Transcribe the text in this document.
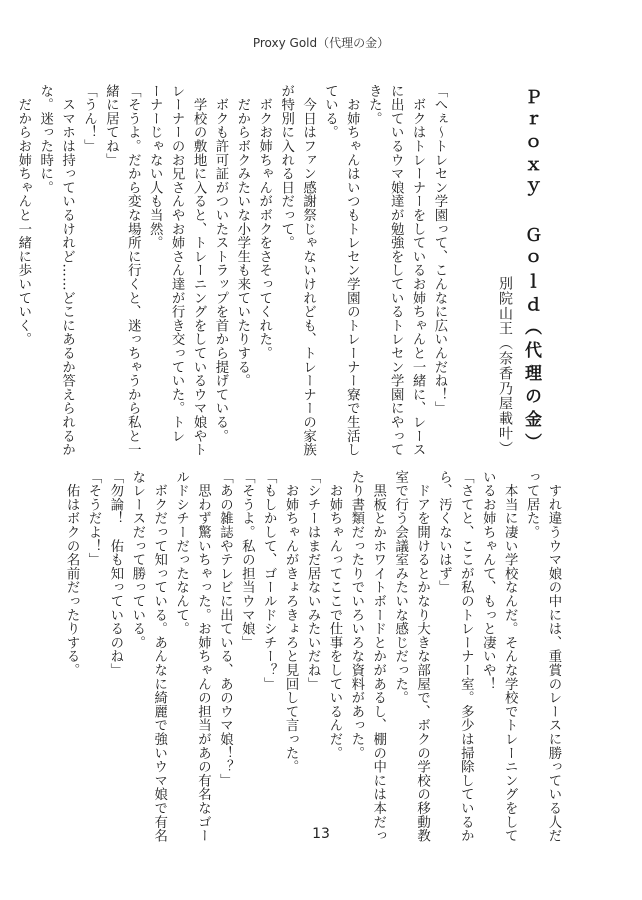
Proxy Gold（代理の金）
Ｐｒｏｘｙ　Ｇｏｌｄ（代理の金）
別院山王（奈香乃屋載叶）
「へぇ～トレセン学園って、こんなに広いんだね！」
　ボクはトレーナーをしているお姉ちゃんと一緒に、レース
に出ているウマ娘達が勉強をしているトレセン学園にやって
きた。
　お姉ちゃんはいつもトレセン学園のトレーナー寮で生活し
ている。
　今日はファン感謝祭じゃないけれども、トレーナーの家族
が特別に入れる日だって。
　ボクお姉ちゃんがボクをさそってくれた。
　だからボクみたいな小学生も来ていたりする。
　ボクも許可証がついたストラップを首から提げている。
　学校の敷地に入ると、トレーニングをしているウマ娘やト
レーナーのお兄さんやお姉さん達が行き交っていた。トレ
ーナーじゃない人も当然。
「そうよ。だから変な場所に行くと、迷っちゃうから私と一
緒に居てね」
「うん！」
　スマホは持っているけれど……どこにあるか答えられるか
な。迷った時に。
　だからお姉ちゃんと一緒に歩いていく。
　すれ違うウマ娘の中には、重賞のレースに勝っている人だ
って居た。
　本当に凄い学校なんだ。そんな学校でトレーニングをして
いるお姉ちゃんて、もっと凄いや！
「さてと、ここが私のトレーナー室。多少は掃除しているか
ら、汚くないはず」
　ドアを開けるとかなり大きな部屋で、ボクの学校の移動教
室で行う会議室みたいな感じだった。
　黒板とかホワイトボードとかがあるし、棚の中には本だっ
たり書類だったりでいろいろな資料があった。
　お姉ちゃんってここで仕事をしているんだ。
「シチーはまだ居ないみたいだね」
　お姉ちゃんがきょろきょろと見回して言った。
「もしかして、ゴールドシチー？」
「そうよ。私の担当ウマ娘」
「あの雑誌やテレビに出ている、あのウマ娘！？」
　思わず驚いちゃった。お姉ちゃんの担当があの有名なゴー
ルドシチーだったなんて。
　ボクだって知っている。あんなに綺麗で強いウマ娘で有名
なレースだって勝っている。
「勿論！　佑も知っているのね」
「そうだよ！」
　佑はボクの名前だったりする。
13
